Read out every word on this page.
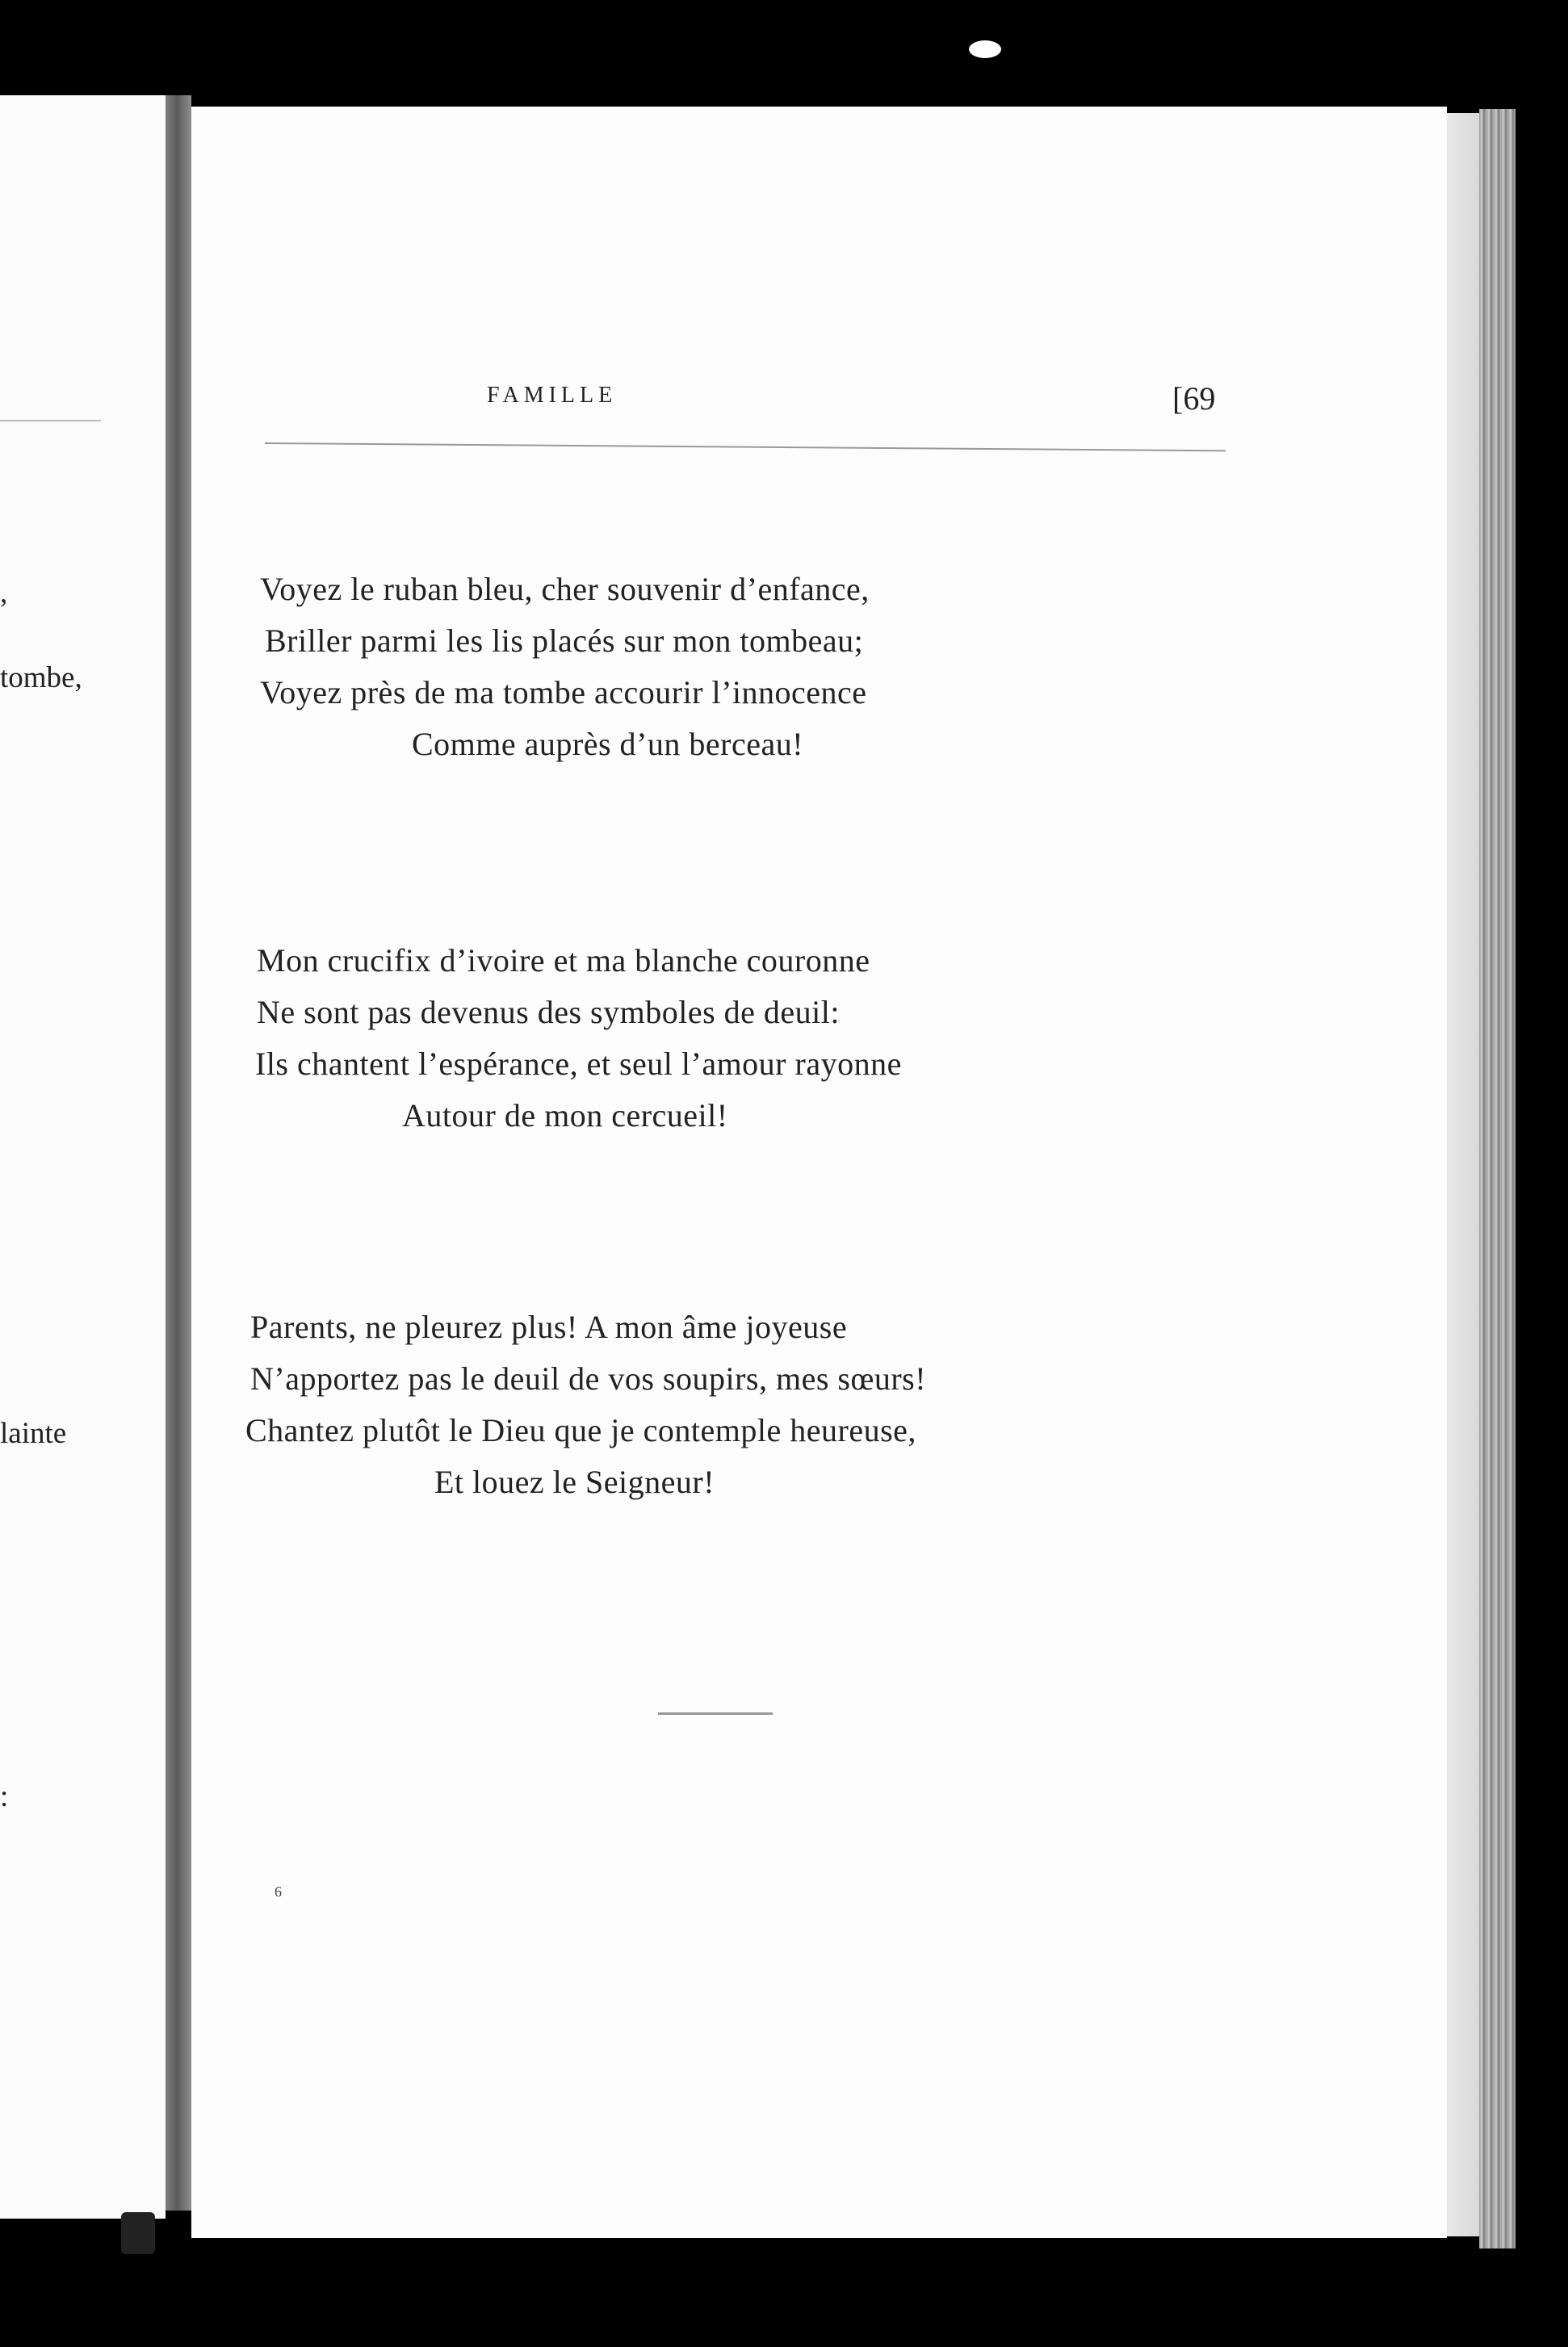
,
tombe,
lainte
:
FAMILLE	[69
Voyez le ruban bleu, cher souvenir d’enfance,
Briller parmi les lis placés sur mon tombeau;
Voyez près de ma tombe accourir l’innocence
Comme auprès d’un berceau!
Mon crucifix d’ivoire et ma blanche couronne
Ne sont pas devenus des symboles de deuil:
Ils chantent l’espérance, et seul l’amour rayonne
Autour de mon cercueil!
Parents, ne pleurez plus! A mon âme joyeuse
N’apportez pas le deuil de vos soupirs, mes sœurs!
Chantez plutôt le Dieu que je contemple heureuse,
Et louez le Seigneur!
6
